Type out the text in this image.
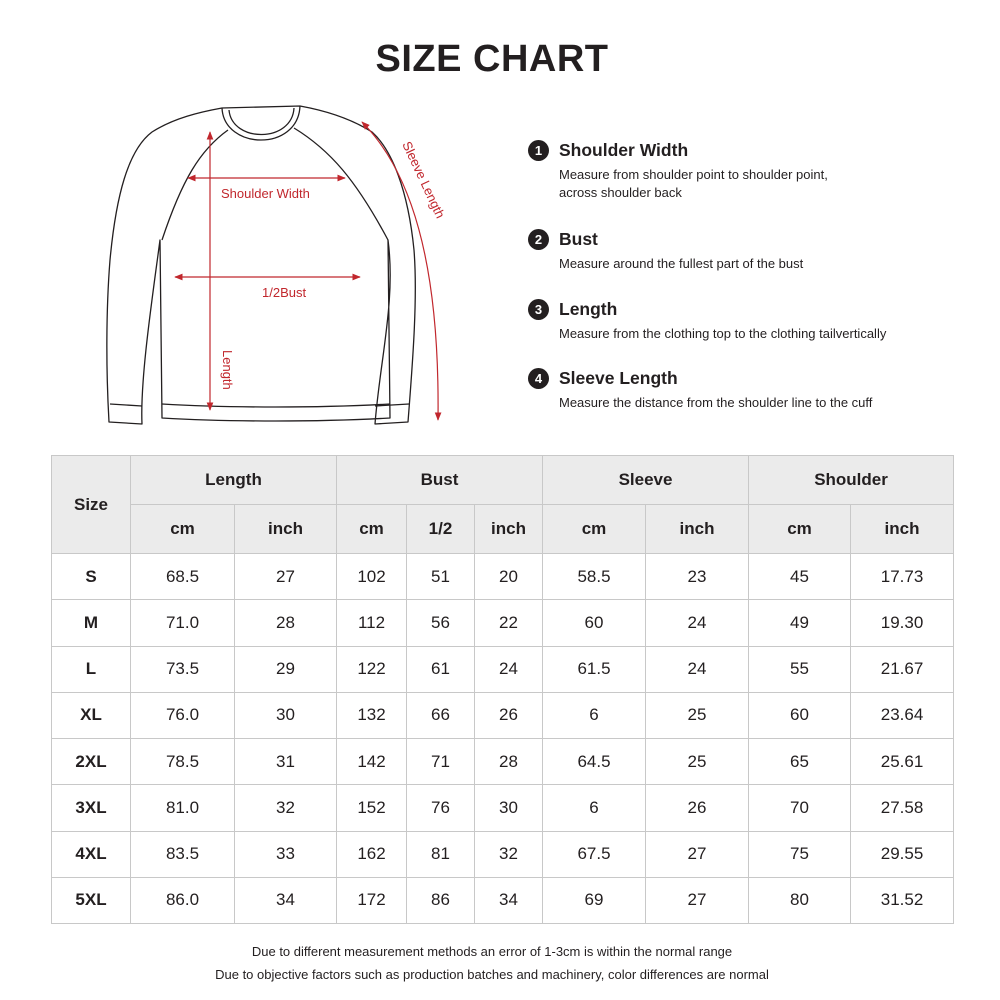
SIZE CHART
Shoulder Width
1/2Bust
Length
Sleeve Length	1 Shoulder Width
Measure from shoulder point to shoulder point,
across shoulder back
2 Bust
Measure around the fullest part of the bust
3 Length
Measure from the clothing top to the clothing tailvertically
4 Sleeve Length
Measure the distance from the shoulder line to the cuff
Size	Length		Bust			Sleeve		Shoulder	
	cm	inch	cm	1/2	inch	cm	inch	cm	inch
S	68.5	27	102	51	20	58.5	23	45	17.73
M	71.0	28	112	56	22	60	24	49	19.30
L	73.5	29	122	61	24	61.5	24	55	21.67
XL	76.0	30	132	66	26	6	25	60	23.64
2XL	78.5	31	142	71	28	64.5	25	65	25.61
3XL	81.0	32	152	76	30	6	26	70	27.58
4XL	83.5	33	162	81	32	67.5	27	75	29.55
5XL	86.0	34	172	86	34	69	27	80	31.52
Due to different measurement methods an error of 1-3cm is within the normal range
Due to objective factors such as production batches and machinery, color differences are normal
